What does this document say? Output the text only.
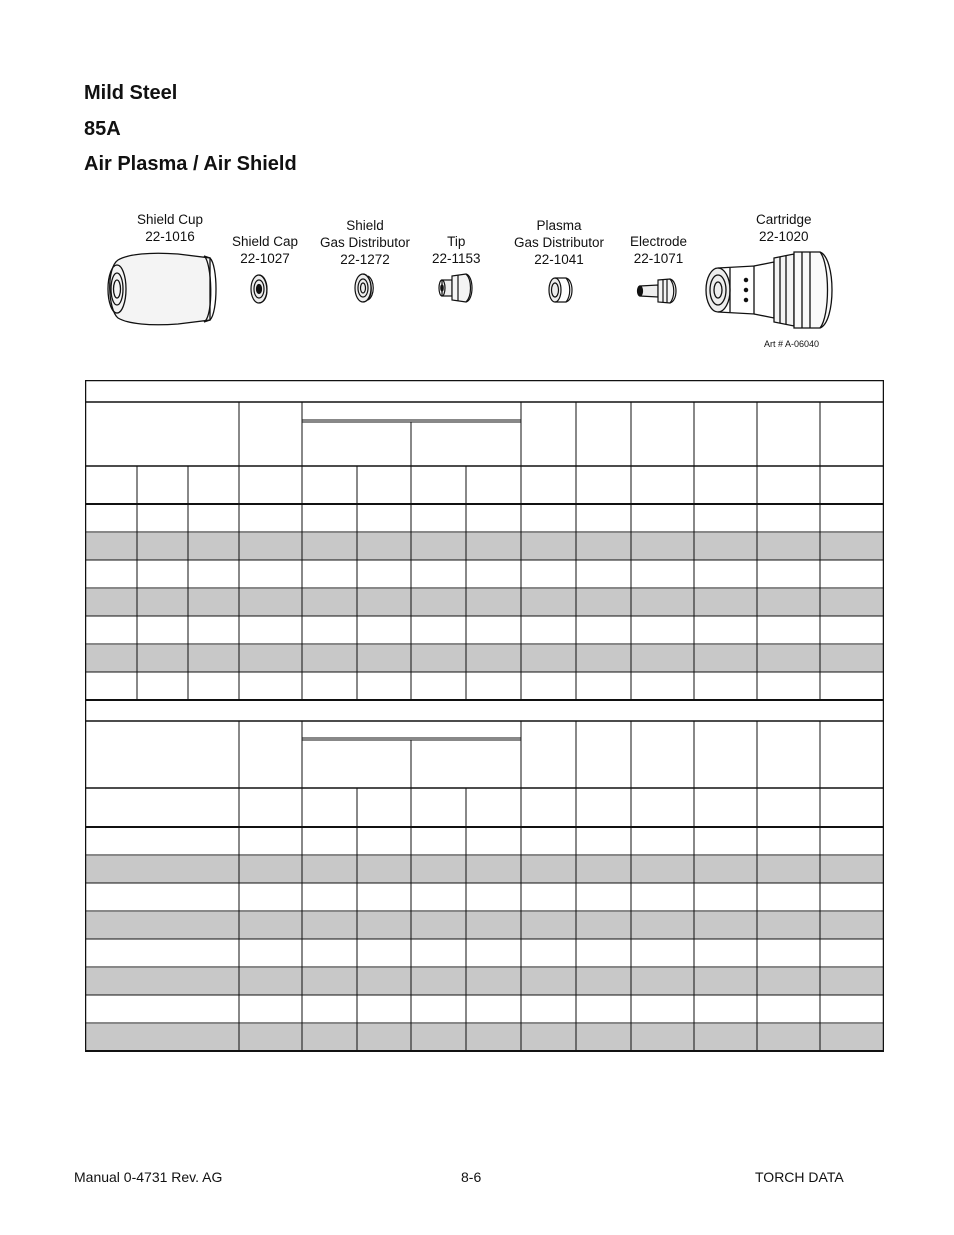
Mild Steel
85A
Air Plasma / Air Shield
Shield Cup
22-1016	Shield Cap
22-1027
Shield
Gas Distributor
22-1272
Tip
22-1153
Plasma
Gas Distributor
22-1041
Electrode
22-1071
Cartridge
22-1020
Art # A-06040
Manual 0-4731 Rev. AG	8-6	TORCH DATA
